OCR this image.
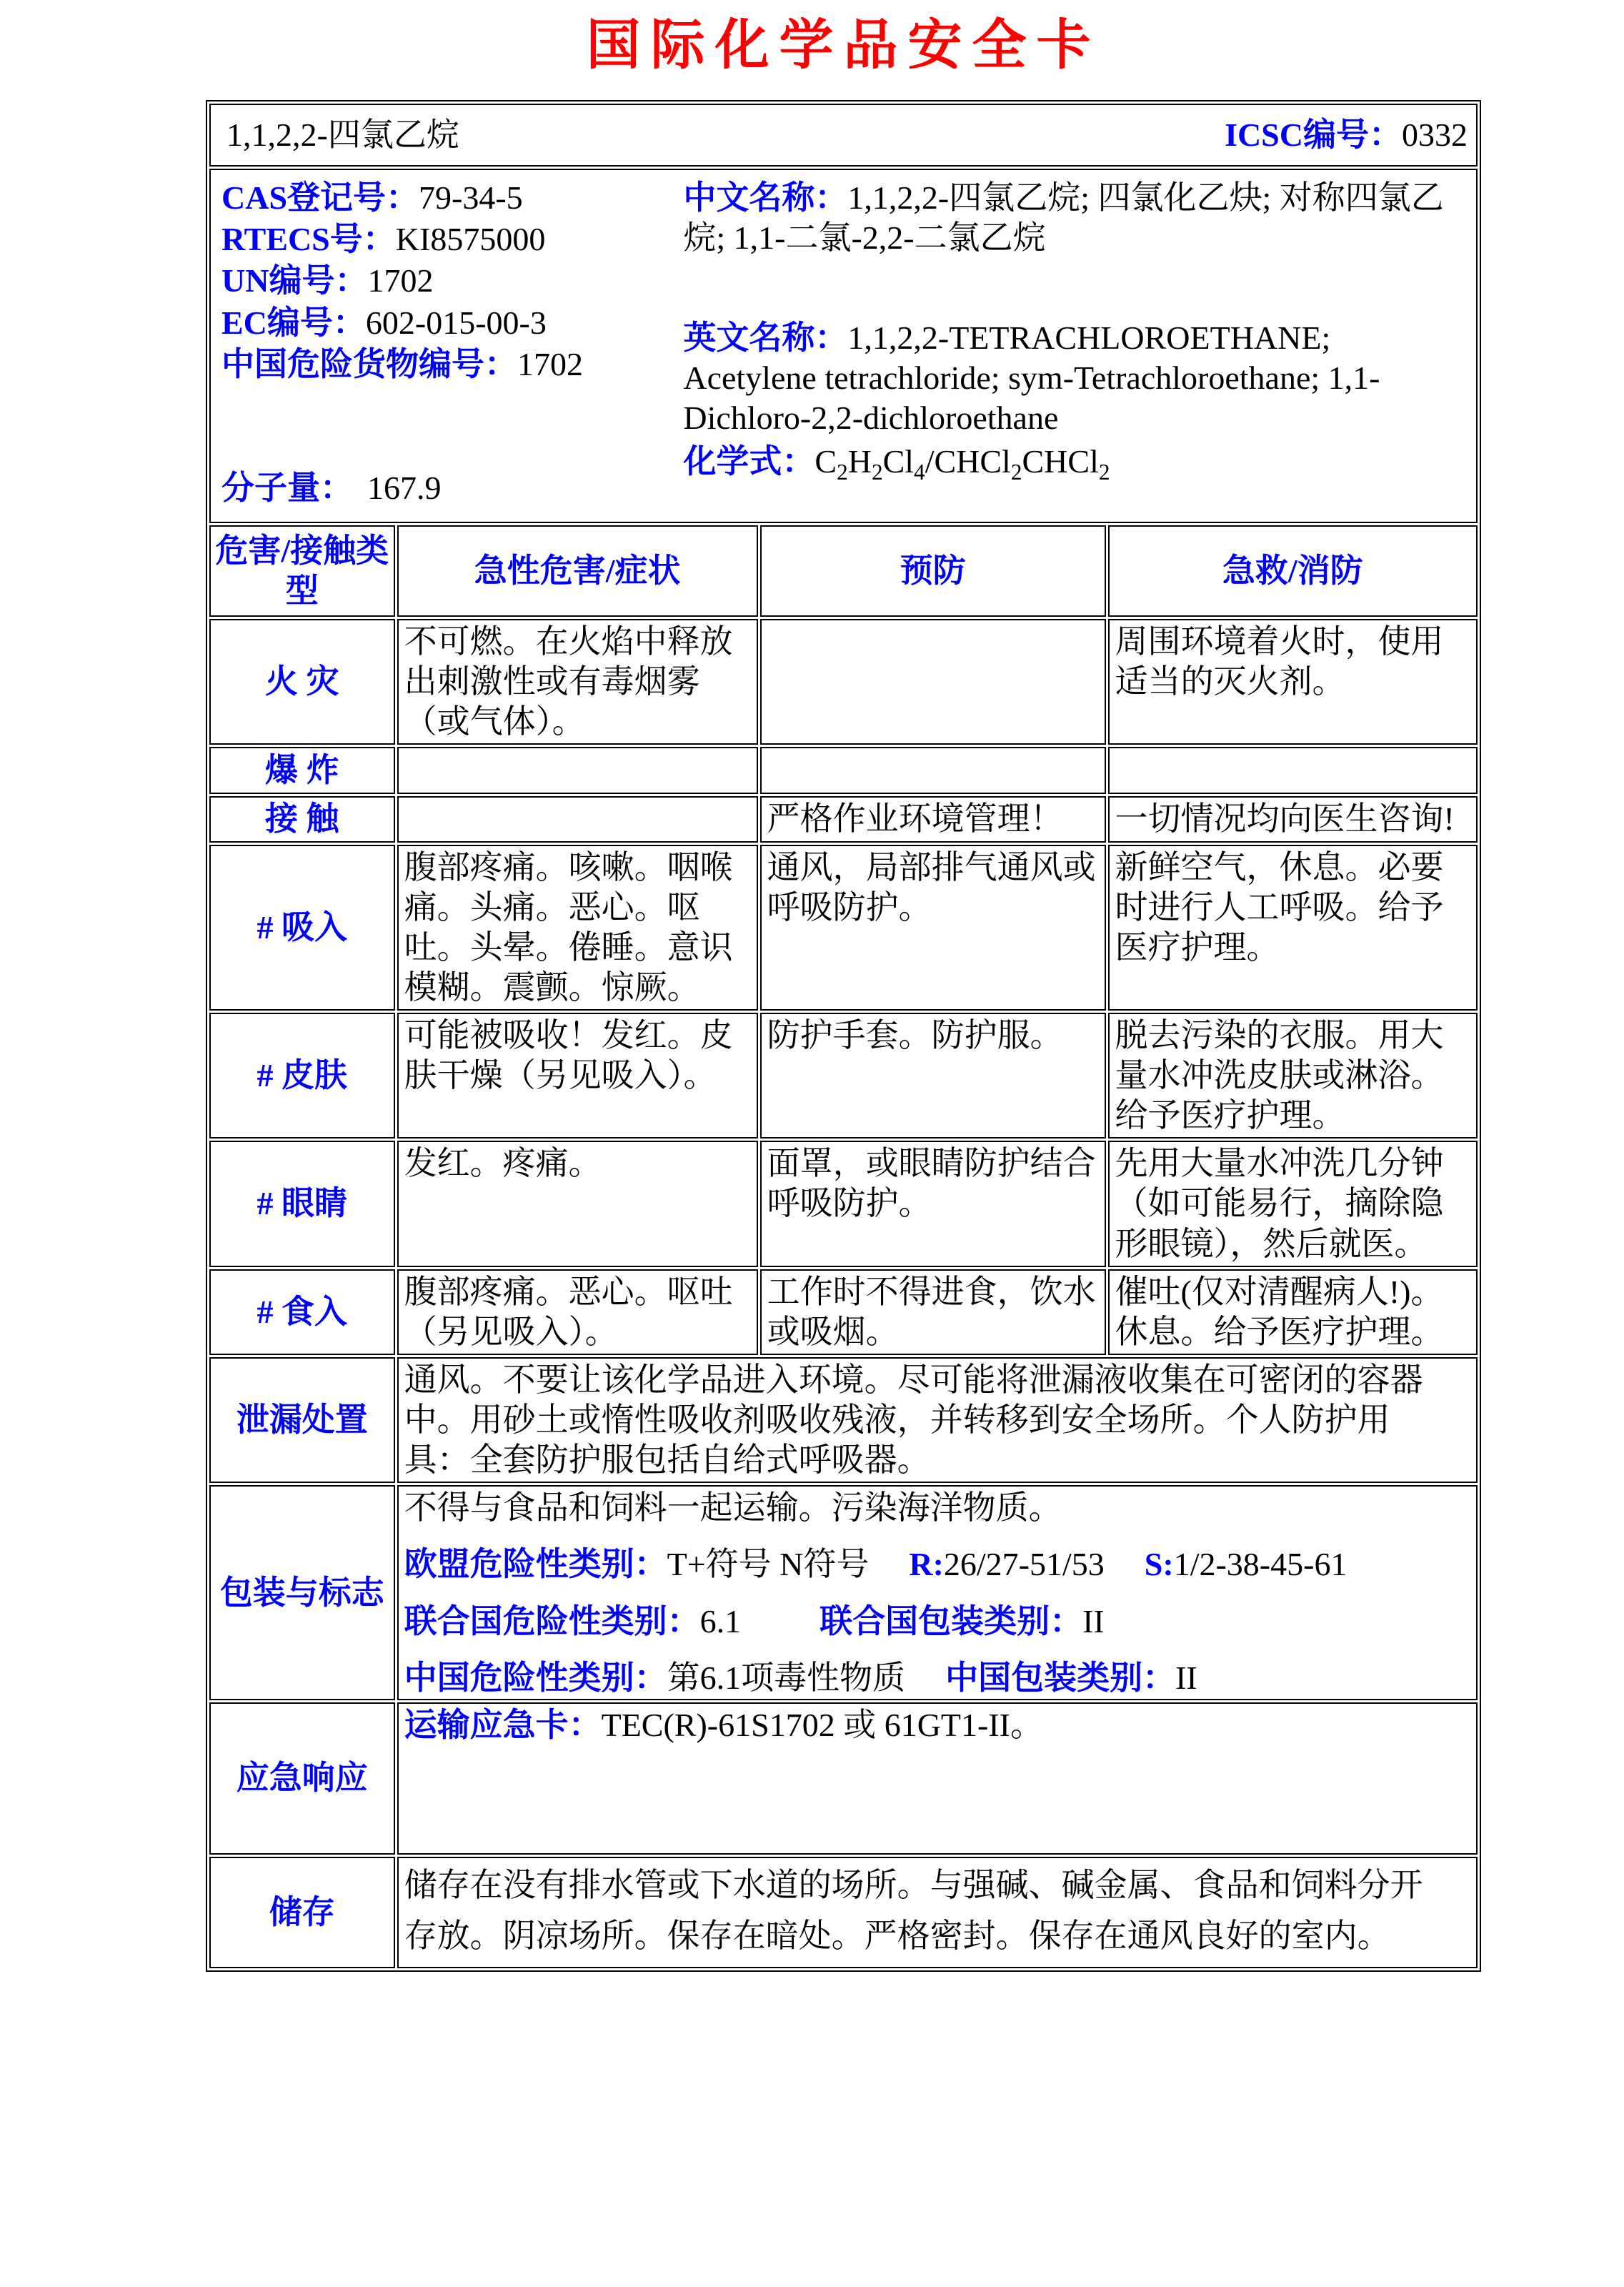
国际化学品安全卡
1,1,2,2-四氯乙烷 ICSC编号：0332			

CAS登记号：79-34-5
RTECS号：KI8575000
UN编号：1702
EC编号：602-015-00-3
中国危险货物编号：1702
分子量： 167.9
中文名称：1,1,2,2-四氯乙烷; 四氯化乙炔; 对称四氯乙烷; 1,1-二氯-2,2-二氯乙烷
英文名称：1,1,2,2-TETRACHLOROETHANE; Acetylene tetrachloride; sym-Tetrachloroethane; 1,1-Dichloro-2,2-dichloroethane
化学式：$C_2H_2Cl_4/CHCl_2CHCl_2$

危害/接触类型	急性危害/症状	预防	急救/消防
火 灾	不可燃。在火焰中释放出刺激性或有毒烟雾（或气体）。		周围环境着火时，使用适当的灭火剂。
爆 炸			
接 触		严格作业环境管理！	一切情况均向医生咨询!
# 吸入	腹部疼痛。咳嗽。咽喉痛。头痛。恶心。呕吐。头晕。倦睡。意识模糊。震颤。惊厥。	通风，局部排气通风或呼吸防护。	新鲜空气，休息。必要时进行人工呼吸。给予医疗护理。
# 皮肤	可能被吸收！发红。皮肤干燥（另见吸入）。	防护手套。防护服。	脱去污染的衣服。用大量水冲洗皮肤或淋浴。给予医疗护理。
# 眼睛	发红。疼痛。	面罩，或眼睛防护结合呼吸防护。	先用大量水冲洗几分钟（如可能易行，摘除隐形眼镜），然后就医。
# 食入	腹部疼痛。恶心。呕吐（另见吸入）。	工作时不得进食，饮水或吸烟。	催吐(仅对清醒病人!)。休息。给予医疗护理。
泄漏处置	通风。不要让该化学品进入环境。尽可能将泄漏液收集在可密闭的容器中。用砂土或惰性吸收剂吸收残液，并转移到安全场所。个人防护用具：全套防护服包括自给式呼吸器。		
包装与标志	不得与食品和饲料一起运输。污染海洋物质。
欧盟危险性类别：T+符号 N符号 R:26/27-51/53 S:1/2-38-45-61
联合国危险性类别：6.1 联合国包装类别：II
中国危险性类别：第6.1项毒性物质 中国包装类别：II		

应急响应	运输应急卡：TEC(R)-61S1702 或 61GT1-II。		
储存	储存在没有排水管或下水道的场所。与强碱、碱金属、食品和饲料分开存放。阴凉场所。保存在暗处。严格密封。保存在通风良好的室内。		
